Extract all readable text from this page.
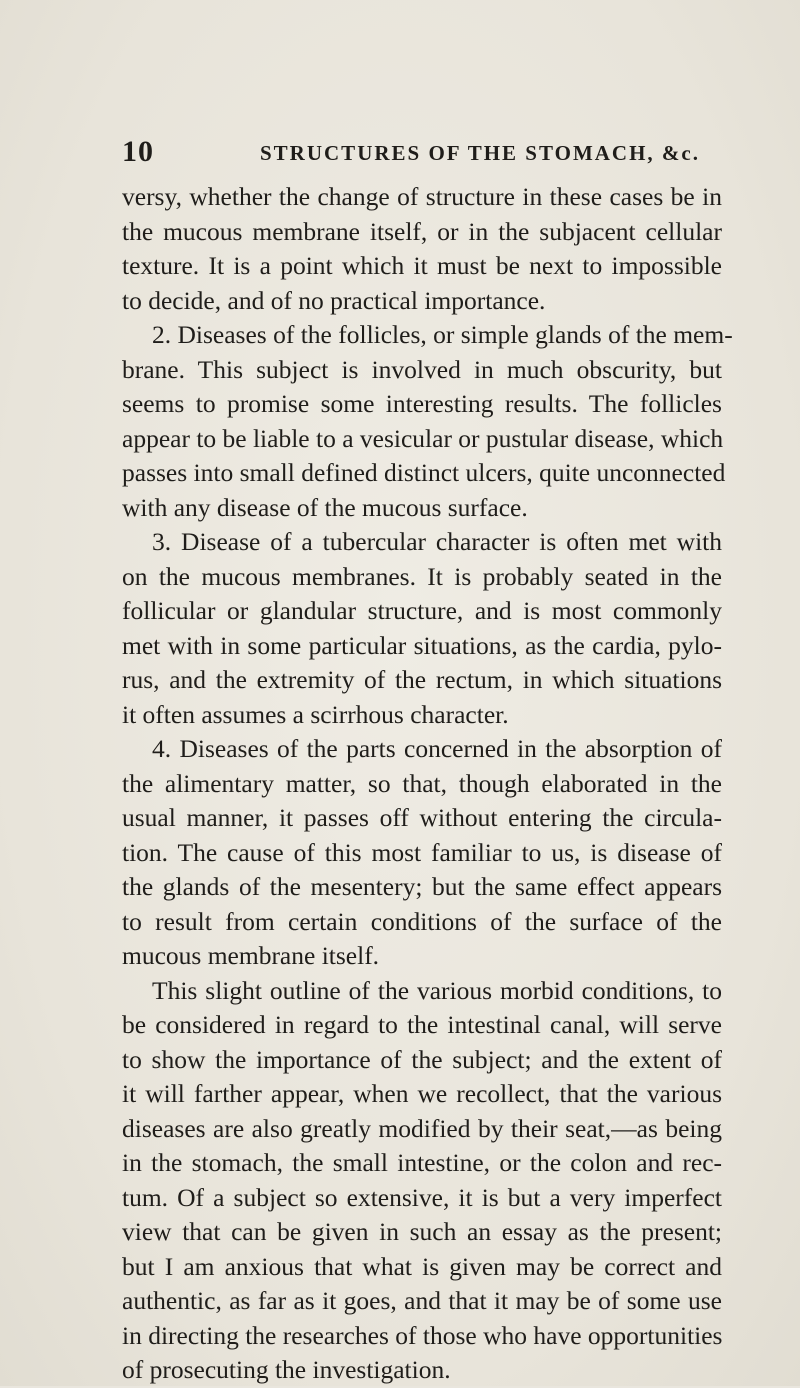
10	STRUCTURES OF THE STOMACH, &c.
versy, whether the change of structure in these cases be in
the mucous membrane itself, or in the subjacent cellular
texture. It is a point which it must be next to impossible
to decide, and of no practical importance.
2. Diseases of the follicles, or simple glands of the mem-
brane. This subject is involved in much obscurity, but
seems to promise some interesting results. The follicles
appear to be liable to a vesicular or pustular disease, which
passes into small defined distinct ulcers, quite unconnected
with any disease of the mucous surface.
3. Disease of a tubercular character is often met with
on the mucous membranes. It is probably seated in the
follicular or glandular structure, and is most commonly
met with in some particular situations, as the cardia, pylo-
rus, and the extremity of the rectum, in which situations
it often assumes a scirrhous character.
4. Diseases of the parts concerned in the absorption of
the alimentary matter, so that, though elaborated in the
usual manner, it passes off without entering the circula-
tion. The cause of this most familiar to us, is disease of
the glands of the mesentery; but the same effect appears
to result from certain conditions of the surface of the
mucous membrane itself.
This slight outline of the various morbid conditions, to
be considered in regard to the intestinal canal, will serve
to show the importance of the subject; and the extent of
it will farther appear, when we recollect, that the various
diseases are also greatly modified by their seat,—as being
in the stomach, the small intestine, or the colon and rec-
tum. Of a subject so extensive, it is but a very imperfect
view that can be given in such an essay as the present;
but I am anxious that what is given may be correct and
authentic, as far as it goes, and that it may be of some use
in directing the researches of those who have opportunities
of prosecuting the investigation.
